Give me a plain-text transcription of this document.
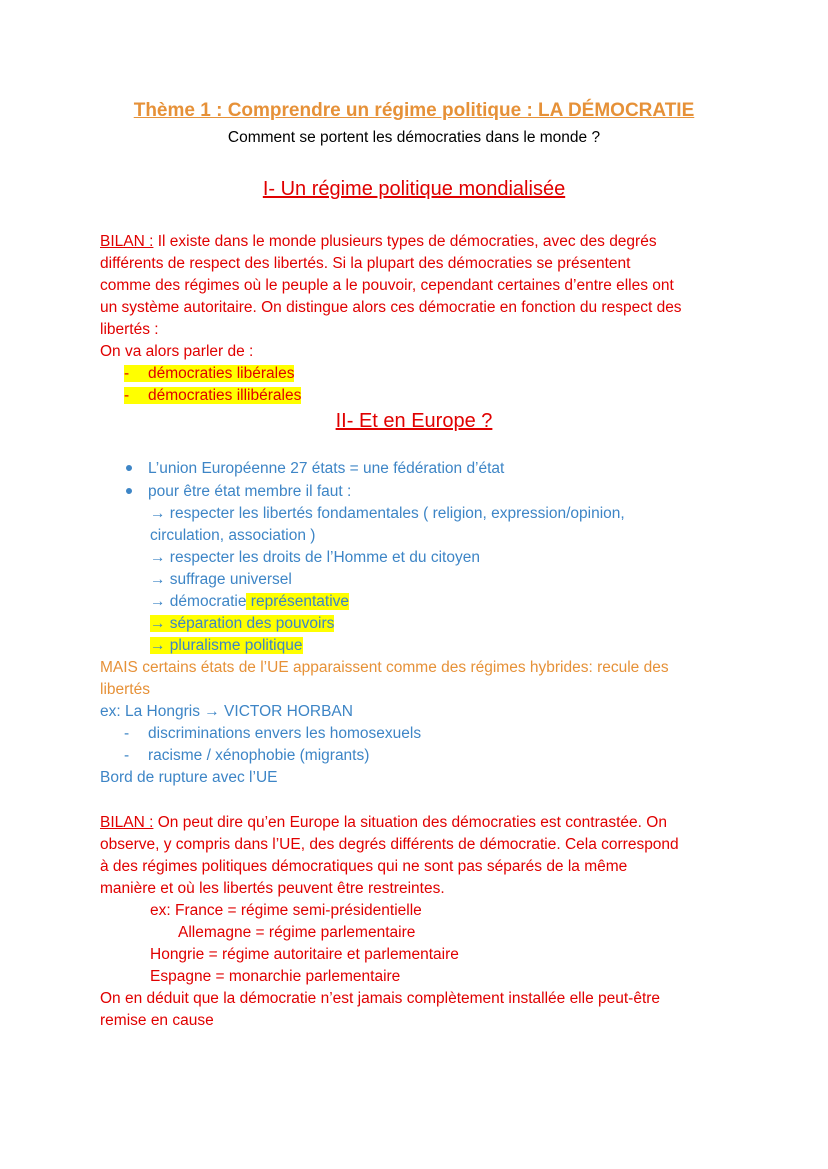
Thème 1 : Comprendre un régime politique : LA DÉMOCRATIE
Comment se portent les démocraties dans le monde ?
I- Un régime politique mondialisée
BILAN : Il existe dans le monde plusieurs types de démocraties, avec des degrés
différents de respect des libertés. Si la plupart des démocraties se présentent
comme des régimes où le peuple a le pouvoir, cependant certaines d’entre elles ont
un système autoritaire. On distingue alors ces démocratie en fonction du respect des
libertés :
On va alors parler de :
- démocraties libérales
- démocraties illibérales
II- Et en Europe ?
L’union Européenne 27 états = une fédération d’état
pour être état membre il faut :
→ respecter les libertés fondamentales ( religion, expression/opinion,
circulation, association )
→ respecter les droits de l’Homme et du citoyen
→ suffrage universel
→ démocratie représentative
→ séparation des pouvoirs
→ pluralisme politique
MAIS certains états de l’UE apparaissent comme des régimes hybrides: recule des
libertés
ex: La Hongris → VICTOR HORBAN
- discriminations envers les homosexuels
- racisme / xénophobie (migrants)
Bord de rupture avec l’UE
BILAN : On peut dire qu’en Europe la situation des démocraties est contrastée. On
observe, y compris dans l’UE, des degrés différents de démocratie. Cela correspond
à des régimes politiques démocratiques qui ne sont pas séparés de la même
manière et où les libertés peuvent être restreintes.
ex: France = régime semi-présidentielle
Allemagne = régime parlementaire
Hongrie = régime autoritaire et parlementaire
Espagne = monarchie parlementaire
On en déduit que la démocratie n’est jamais complètement installée elle peut-être
remise en cause
